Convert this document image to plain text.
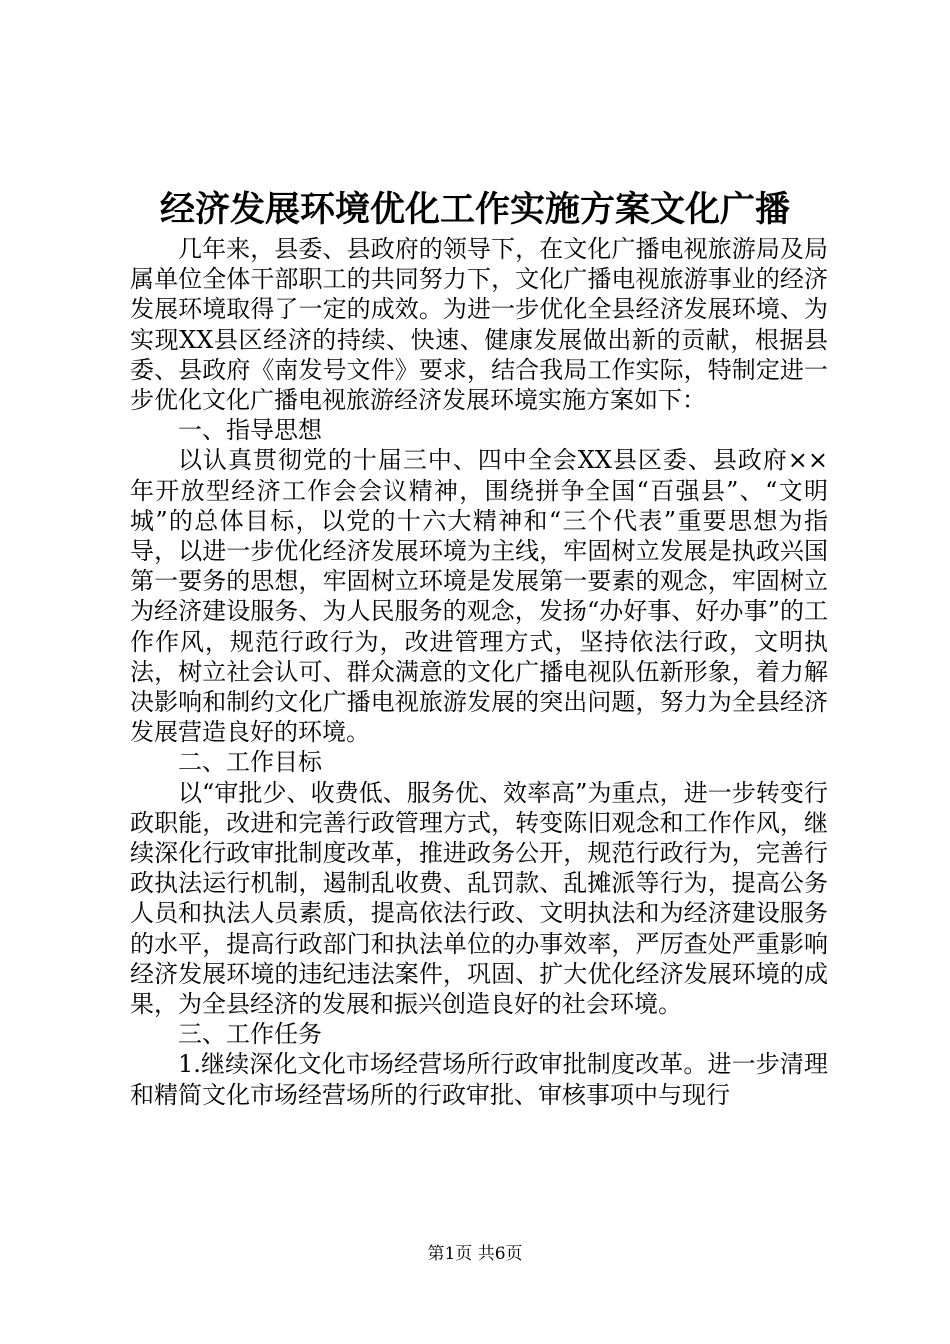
经济发展环境优化工作实施方案文化广播

几年来，县委、县政府的领导下，在文化广播电视旅游局及局属单位全体干部职工的共同努力下，文化广播电视旅游事业的经济发展环境取得了一定的成效。为进一步优化全县经济发展环境、为实现XX县区经济的持续、快速、健康发展做出新的贡献，根据县委、县政府《南发号文件》要求，结合我局工作实际，特制定进一步优化文化广播电视旅游经济发展环境实施方案如下：

一、指导思想

以认真贯彻党的十届三中、四中全会XX县区委、县政府××年开放型经济工作会会议精神，围绕拼争全国“百强县”、“文明城”的总体目标，以党的十六大精神和“三个代表”重要思想为指导，以进一步优化经济发展环境为主线，牢固树立发展是执政兴国第一要务的思想，牢固树立环境是发展第一要素的观念，牢固树立为经济建设服务、为人民服务的观念，发扬“办好事、好办事”的工作作风，规范行政行为，改进管理方式，坚持依法行政，文明执法，树立社会认可、群众满意的文化广播电视队伍新形象，着力解决影响和制约文化广播电视旅游发展的突出问题，努力为全县经济发展营造良好的环境。

二、工作目标

以“审批少、收费低、服务优、效率高”为重点，进一步转变行政职能，改进和完善行政管理方式，转变陈旧观念和工作作风，继续深化行政审批制度改革，推进政务公开，规范行政行为，完善行政执法运行机制，遏制乱收费、乱罚款、乱摊派等行为，提高公务人员和执法人员素质，提高依法行政、文明执法和为经济建设服务的水平，提高行政部门和执法单位的办事效率，严厉查处严重影响经济发展环境的违纪违法案件，巩固、扩大优化经济发展环境的成果，为全县经济的发展和振兴创造良好的社会环境。

三、工作任务

1.继续深化文化市场经营场所行政审批制度改革。进一步清理和精简文化市场经营场所的行政审批、审核事项中与现行

第1页 共6页
